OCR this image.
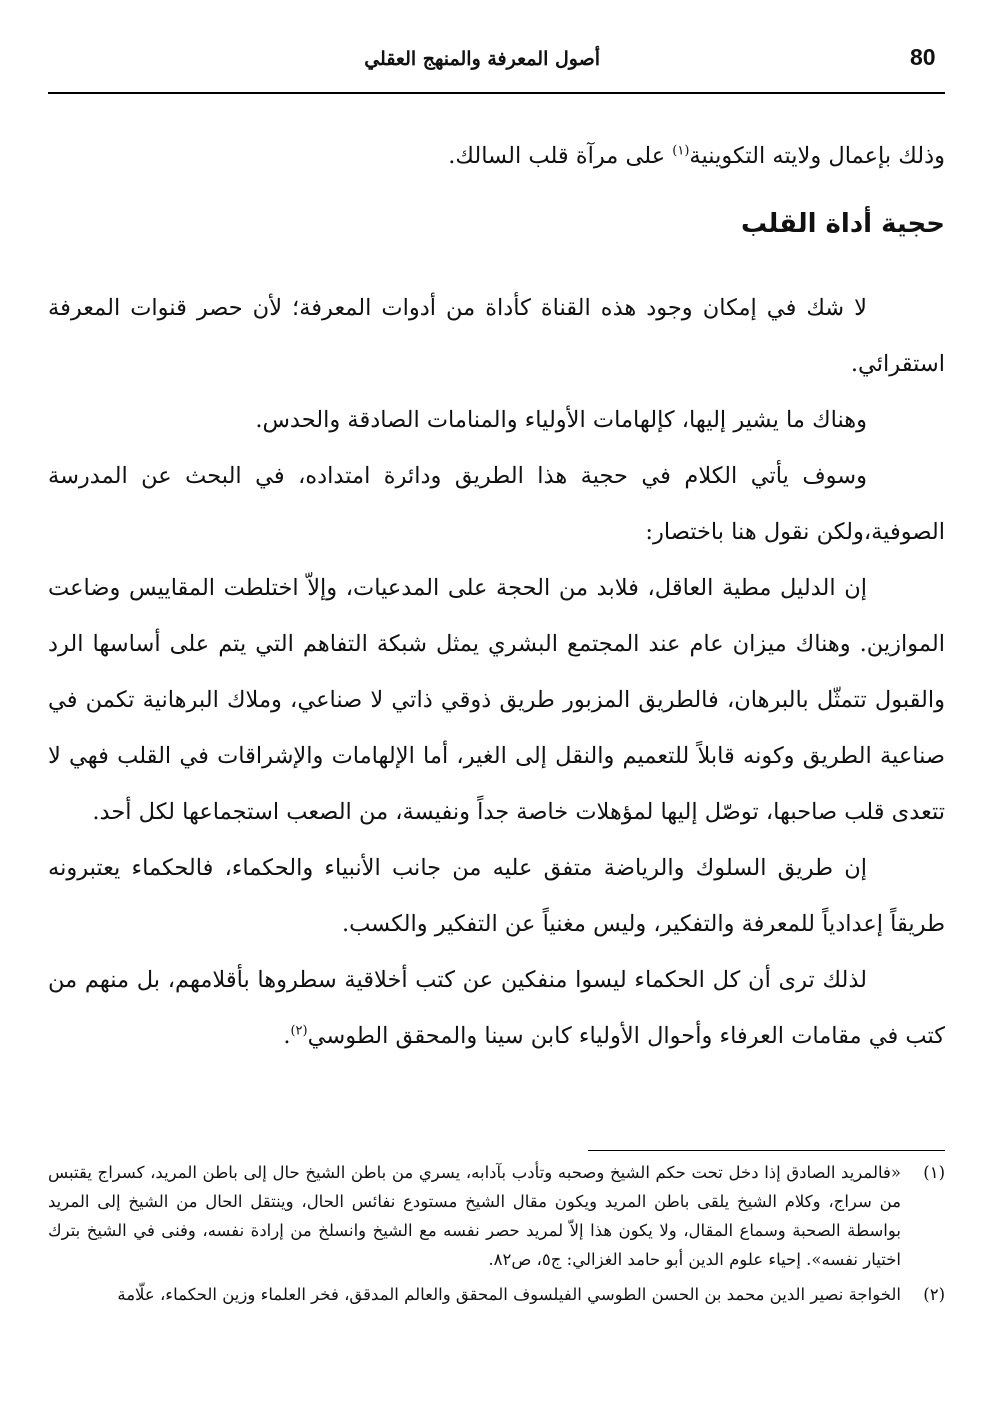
أصول المعرفة والمنهج العقلي	80

وذلك بإعمال ولايته التكوينية$^{(١)}$ على مرآة قلب السالك.

حجية أداة القلب

لا شك في إمكان وجود هذه القناة كأداة من أدوات المعرفة؛ لأن حصر قنوات المعرفة استقرائي.

وهناك ما يشير إليها، كإلهامات الأولياء والمنامات الصادقة والحدس.

وسوف يأتي الكلام في حجية هذا الطريق ودائرة امتداده، في البحث عن المدرسة الصوفية،ولكن نقول هنا باختصار:

إن الدليل مطية العاقل، فلابد من الحجة على المدعيات، وإلاّ اختلطت المقاييس وضاعت الموازين. وهناك ميزان عام عند المجتمع البشري يمثل شبكة التفاهم التي يتم على أساسها الرد والقبول تتمثّل بالبرهان، فالطريق المزبور طريق ذوقي ذاتي لا صناعي، وملاك البرهانية تكمن في صناعية الطريق وكونه قابلاً للتعميم والنقل إلى الغير، أما الإلهامات والإشراقات في القلب فهي لا تتعدى قلب صاحبها، توصّل إليها لمؤهلات خاصة جداً ونفيسة، من الصعب استجماعها لكل أحد.

إن طريق السلوك والرياضة متفق عليه من جانب الأنبياء والحكماء، فالحكماء يعتبرونه طريقاً إعدادياً للمعرفة والتفكير، وليس مغنياً عن التفكير والكسب.

لذلك ترى أن كل الحكماء ليسوا منفكين عن كتب أخلاقية سطروها بأقلامهم، بل منهم من كتب في مقامات العرفاء وأحوال الأولياء كابن سينا والمحقق الطوسي$^{(٢)}$.

(١)
«فالمريد الصادق إذا دخل تحت حكم الشيخ وصحبه وتأدب بآدابه، يسري من باطن الشيخ حال إلى باطن المريد، كسراج يقتبس من سراج، وكلام الشيخ يلقى باطن المريد ويكون مقال الشيخ مستودع نفائس الحال، وينتقل الحال من الشيخ إلى المريد بواسطة الصحبة وسماع المقال، ولا يكون هذا إلاّ لمريد حصر نفسه مع الشيخ وانسلخ من إرادة نفسه، وفنى في الشيخ بترك اختيار نفسه». إحياء علوم الدين أبو حامد الغزالي: ج٥، ص٨٢.

(٢)
الخواجة نصير الدين محمد بن الحسن الطوسي الفيلسوف المحقق والعالم المدقق، فخر العلماء وزين الحكماء، علّامة
